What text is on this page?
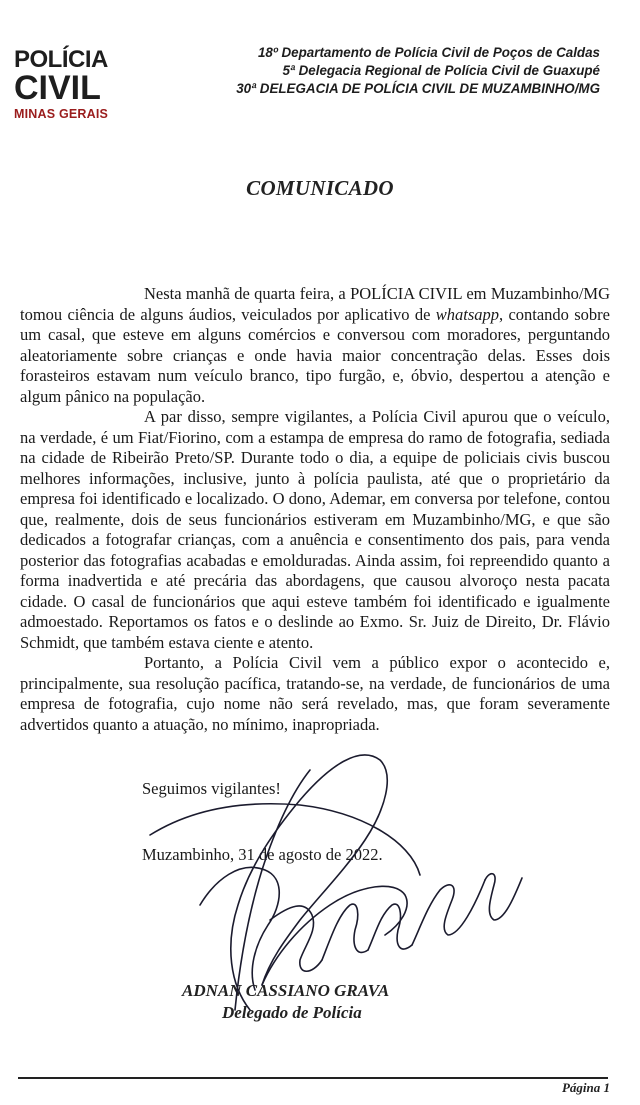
POLÍCIA
CIVIL
MINAS GERAIS
18º Departamento de Polícia Civil de Poços de Caldas
5ª Delegacia Regional de Polícia Civil de Guaxupé
30ª DELEGACIA DE POLÍCIA CIVIL DE MUZAMBINHO/MG
COMUNICADO

Nesta manhã de quarta feira, a POLÍCIA CIVIL em Muzambinho/MG tomou ciência de alguns áudios, veiculados por aplicativo de whatsapp, contando sobre um casal, que esteve em alguns comércios e conversou com moradores, perguntando aleatoriamente sobre crianças e onde havia maior concentração delas. Esses dois forasteiros estavam num veículo branco, tipo furgão, e, óbvio, despertou a atenção e algum pânico na população.

A par disso, sempre vigilantes, a Polícia Civil apurou que o veículo, na verdade, é um Fiat/Fiorino, com a estampa de empresa do ramo de fotografia, sediada na cidade de Ribeirão Preto/SP. Durante todo o dia, a equipe de policiais civis buscou melhores informações, inclusive, junto à polícia paulista, até que o proprietário da empresa foi identificado e localizado. O dono, Ademar, em conversa por telefone, contou que, realmente, dois de seus funcionários estiveram em Muzambinho/MG, e que são dedicados a fotografar crianças, com a anuência e consentimento dos pais, para venda posterior das fotografias acabadas e emolduradas. Ainda assim, foi repreendido quanto a forma inadvertida e até precária das abordagens, que causou alvoroço nesta pacata cidade. O casal de funcionários que aqui esteve também foi identificado e igualmente admoestado. Reportamos os fatos e o deslinde ao Exmo. Sr. Juiz de Direito, Dr. Flávio Schmidt, que também estava ciente e atento.

Portanto, a Polícia Civil vem a público expor o acontecido e, principalmente, sua resolução pacífica, tratando-se, na verdade, de funcionários de uma empresa de fotografia, cujo nome não será revelado, mas, que foram severamente advertidos quanto a atuação, no mínimo, inapropriada.

Seguimos vigilantes!
Muzambinho, 31 de agosto de 2022.
ADNAN CASSIANO GRAVA
Delegado de Polícia
Página 1
